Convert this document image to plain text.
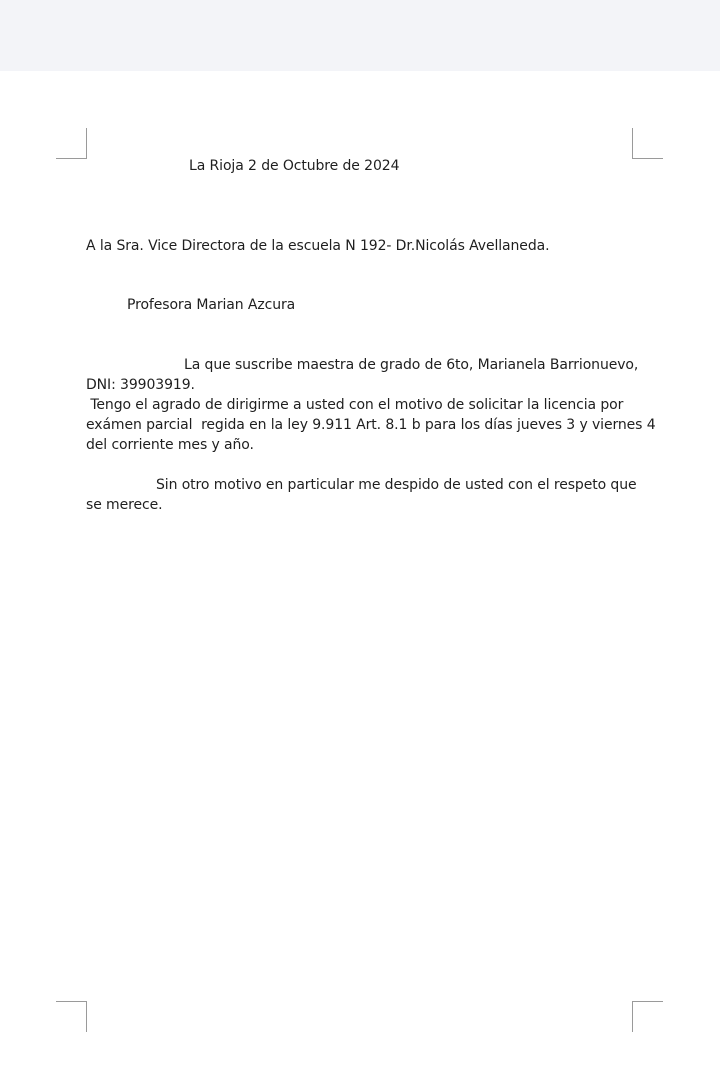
La Rioja 2 de Octubre de 2024
A la Sra. Vice Directora de la escuela N 192- Dr.Nicolás Avellaneda.
Profesora Marian Azcura
La que suscribe maestra de grado de 6to, Marianela Barrionuevo,
DNI: 39903919.
Tengo el agrado de dirigirme a usted con el motivo de solicitar la licencia por
exámen parcial  regida en la ley 9.911 Art. 8.1 b para los días jueves 3 y viernes 4
del corriente mes y año.
Sin otro motivo en particular me despido de usted con el respeto que
se merece.
